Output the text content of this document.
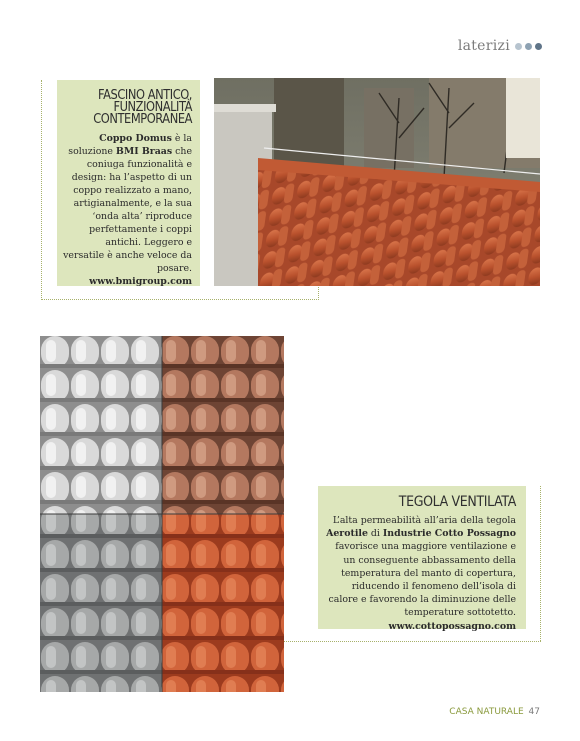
laterizi
FASCINO ANTICO,
FUNZIONALITÀ
CONTEMPORANEA
Coppo Domus è la soluzione BMI Braas che coniuga funzionalità e design: ha l’aspetto di un coppo realizzato a mano, artigianalmente, e la sua ‘onda alta’ riproduce perfettamente i coppi antichi. Leggero e versatile è anche veloce da posare.
www.bmigroup.com
TEGOLA VENTILATA
L’alta permeabilità all’aria della tegola Aerotile di Industrie Cotto Possagno favorisce una maggiore ventilazione e un conseguente abbassamento della temperatura del manto di copertura, riducendo il fenomeno dell’isola di calore e favorendo la diminuzione delle temperature sottotetto.
www.cottopossagno.com
CASA NATURALE 47
